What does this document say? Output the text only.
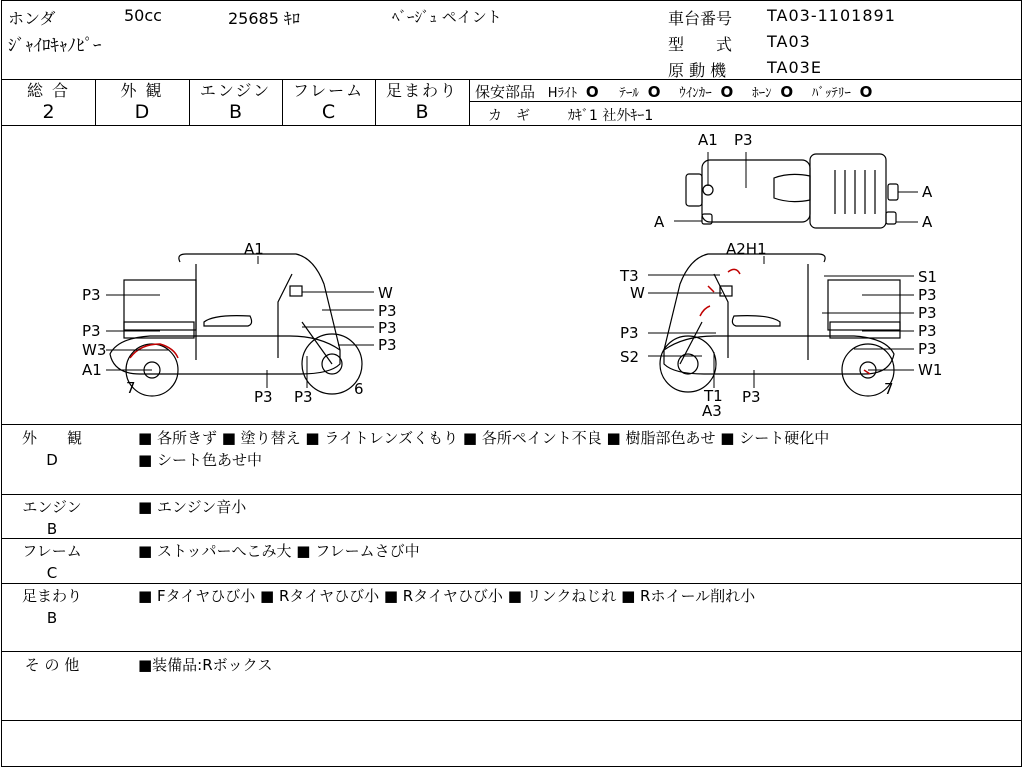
ホンダ	50cc	25685 ｷﾛ	ﾍﾞｰｼﾞｭ ペイント
ｼﾞｬｲﾛｷｬﾉﾋﾟｰ
車台番号 TA03-1101891
型　　式 TA03
原 動 機	TA03E
総 合
2
外 観
D
エンジン
B
フレーム
C
足まわり
B
保安部品 Hﾗｲﾄ O ﾃｰﾙ O ｳｲﾝｶｰ O ﾎｰﾝ O ﾊﾞｯﾃﾘｰ O
カ　ギ	ｶｷﾞ1 社外ｷｰ1
A1 P3
A
A	A
A1
P3	W
P3
P3	P3
W3	P3
A1
7	P3 P3	6
A2H1
T3	S1
W	P3
P3
P3	P3
S2	P3
W1
T1
A3
P3	7
外　　観
D
■ 各所きず ■ 塗り替え ■ ライトレンズくもり ■ 各所ペイント不良 ■ 樹脂部色あせ ■ シート硬化中
■ シート色あせ中
エンジン
B
■ エンジン音小
フレーム
C
■ ストッパーへこみ大 ■ フレームさび中
足まわり
B
■ Fタイヤひび小 ■ Rタイヤひび小 ■ Rタイヤひび小 ■ リンクねじれ ■ Rホイール削れ小
そ の 他	■装備品:Rボックス
